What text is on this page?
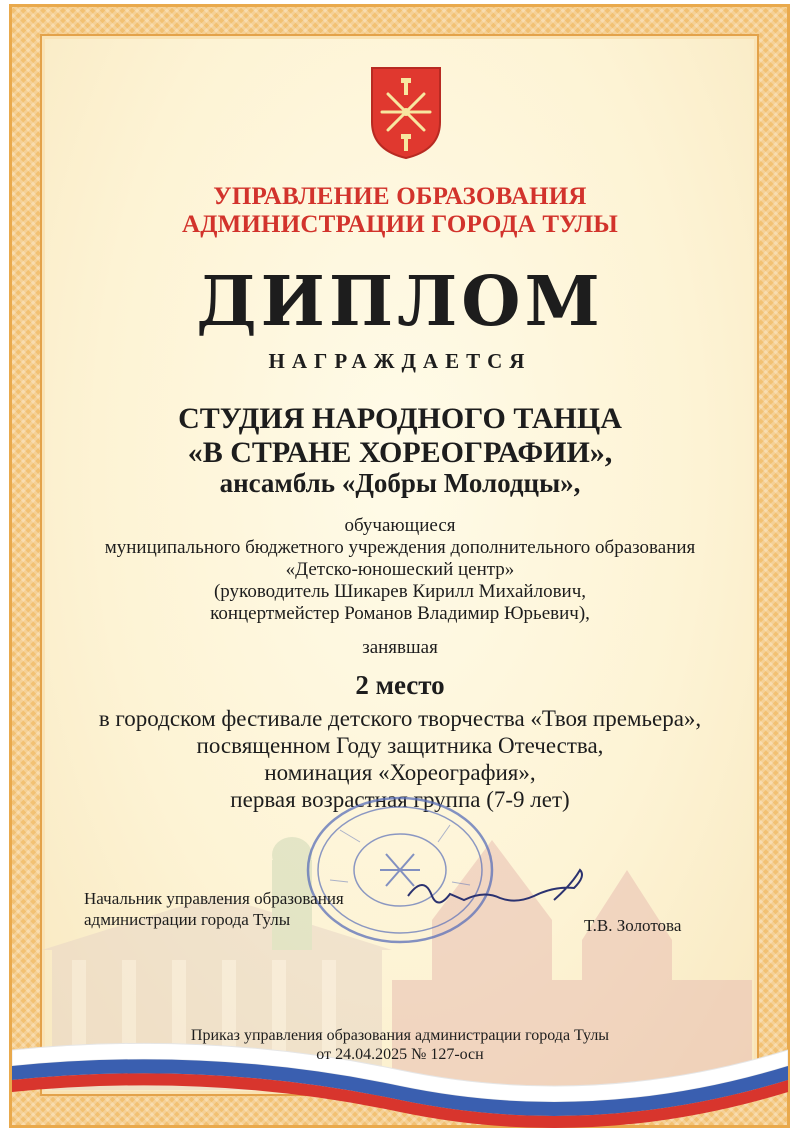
УПРАВЛЕНИЕ ОБРАЗОВАНИЯ
АДМИНИСТРАЦИИ ГОРОДА ТУЛЫ
ДИПЛОМ
НАГРАЖДАЕТСЯ
СТУДИЯ НАРОДНОГО ТАНЦА
«В СТРАНЕ ХОРЕОГРАФИИ»,
ансамбль «Добры Молодцы»,
обучающиеся
муниципального бюджетного учреждения дополнительного образования
«Детско-юношеский центр»
(руководитель Шикарев Кирилл Михайлович,
концертмейстер Романов Владимир Юрьевич),
занявшая
2 место
в городском фестивале детского творчества «Твоя премьера»,
посвященном Году защитника Отечества,
номинация «Хореография»,
первая возрастная группа (7-9 лет)
Начальник управления образования
администрации города Тулы	Т.В. Золотова
Приказ управления образования администрации города Тулы
от 24.04.2025 № 127-осн
